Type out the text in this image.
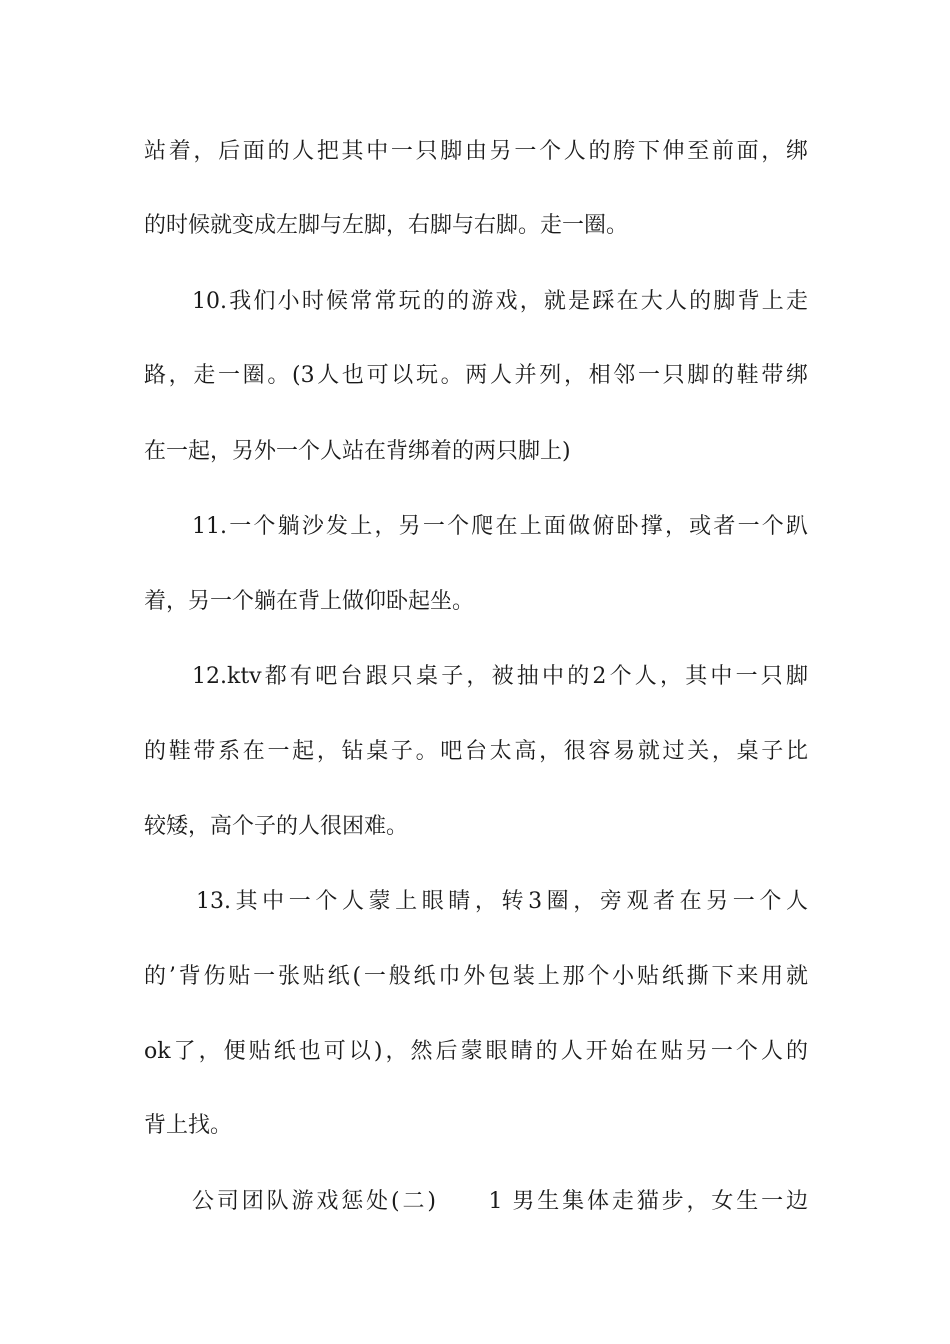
站着，后面的人把其中一只脚由另一个人的胯下伸至前面，绑
的时候就变成左脚与左脚，右脚与右脚。走一圈。
10.我们小时候常常玩的的游戏，就是踩在大人的脚背上走
路，走一圈。(3人也可以玩。两人并列，相邻一只脚的鞋带绑
在一起，另外一个人站在背绑着的两只脚上)
11.一个躺沙发上，另一个爬在上面做俯卧撑，或者一个趴
着，另一个躺在背上做仰卧起坐。
12.ktv都有吧台跟只桌子，被抽中的2个人，其中一只脚
的鞋带系在一起，钻桌子。吧台太高，很容易就过关，桌子比
较矮，高个子的人很困难。
13.其中一个人蒙上眼睛，转3圈，旁观者在另一个人
的’背伤贴一张贴纸(一般纸巾外包装上那个小贴纸撕下来用就
ok了，便贴纸也可以)，然后蒙眼睛的人开始在贴另一个人的
背上找。
公司团队游戏惩处(二)　　1 男生集体走猫步，女生一边
